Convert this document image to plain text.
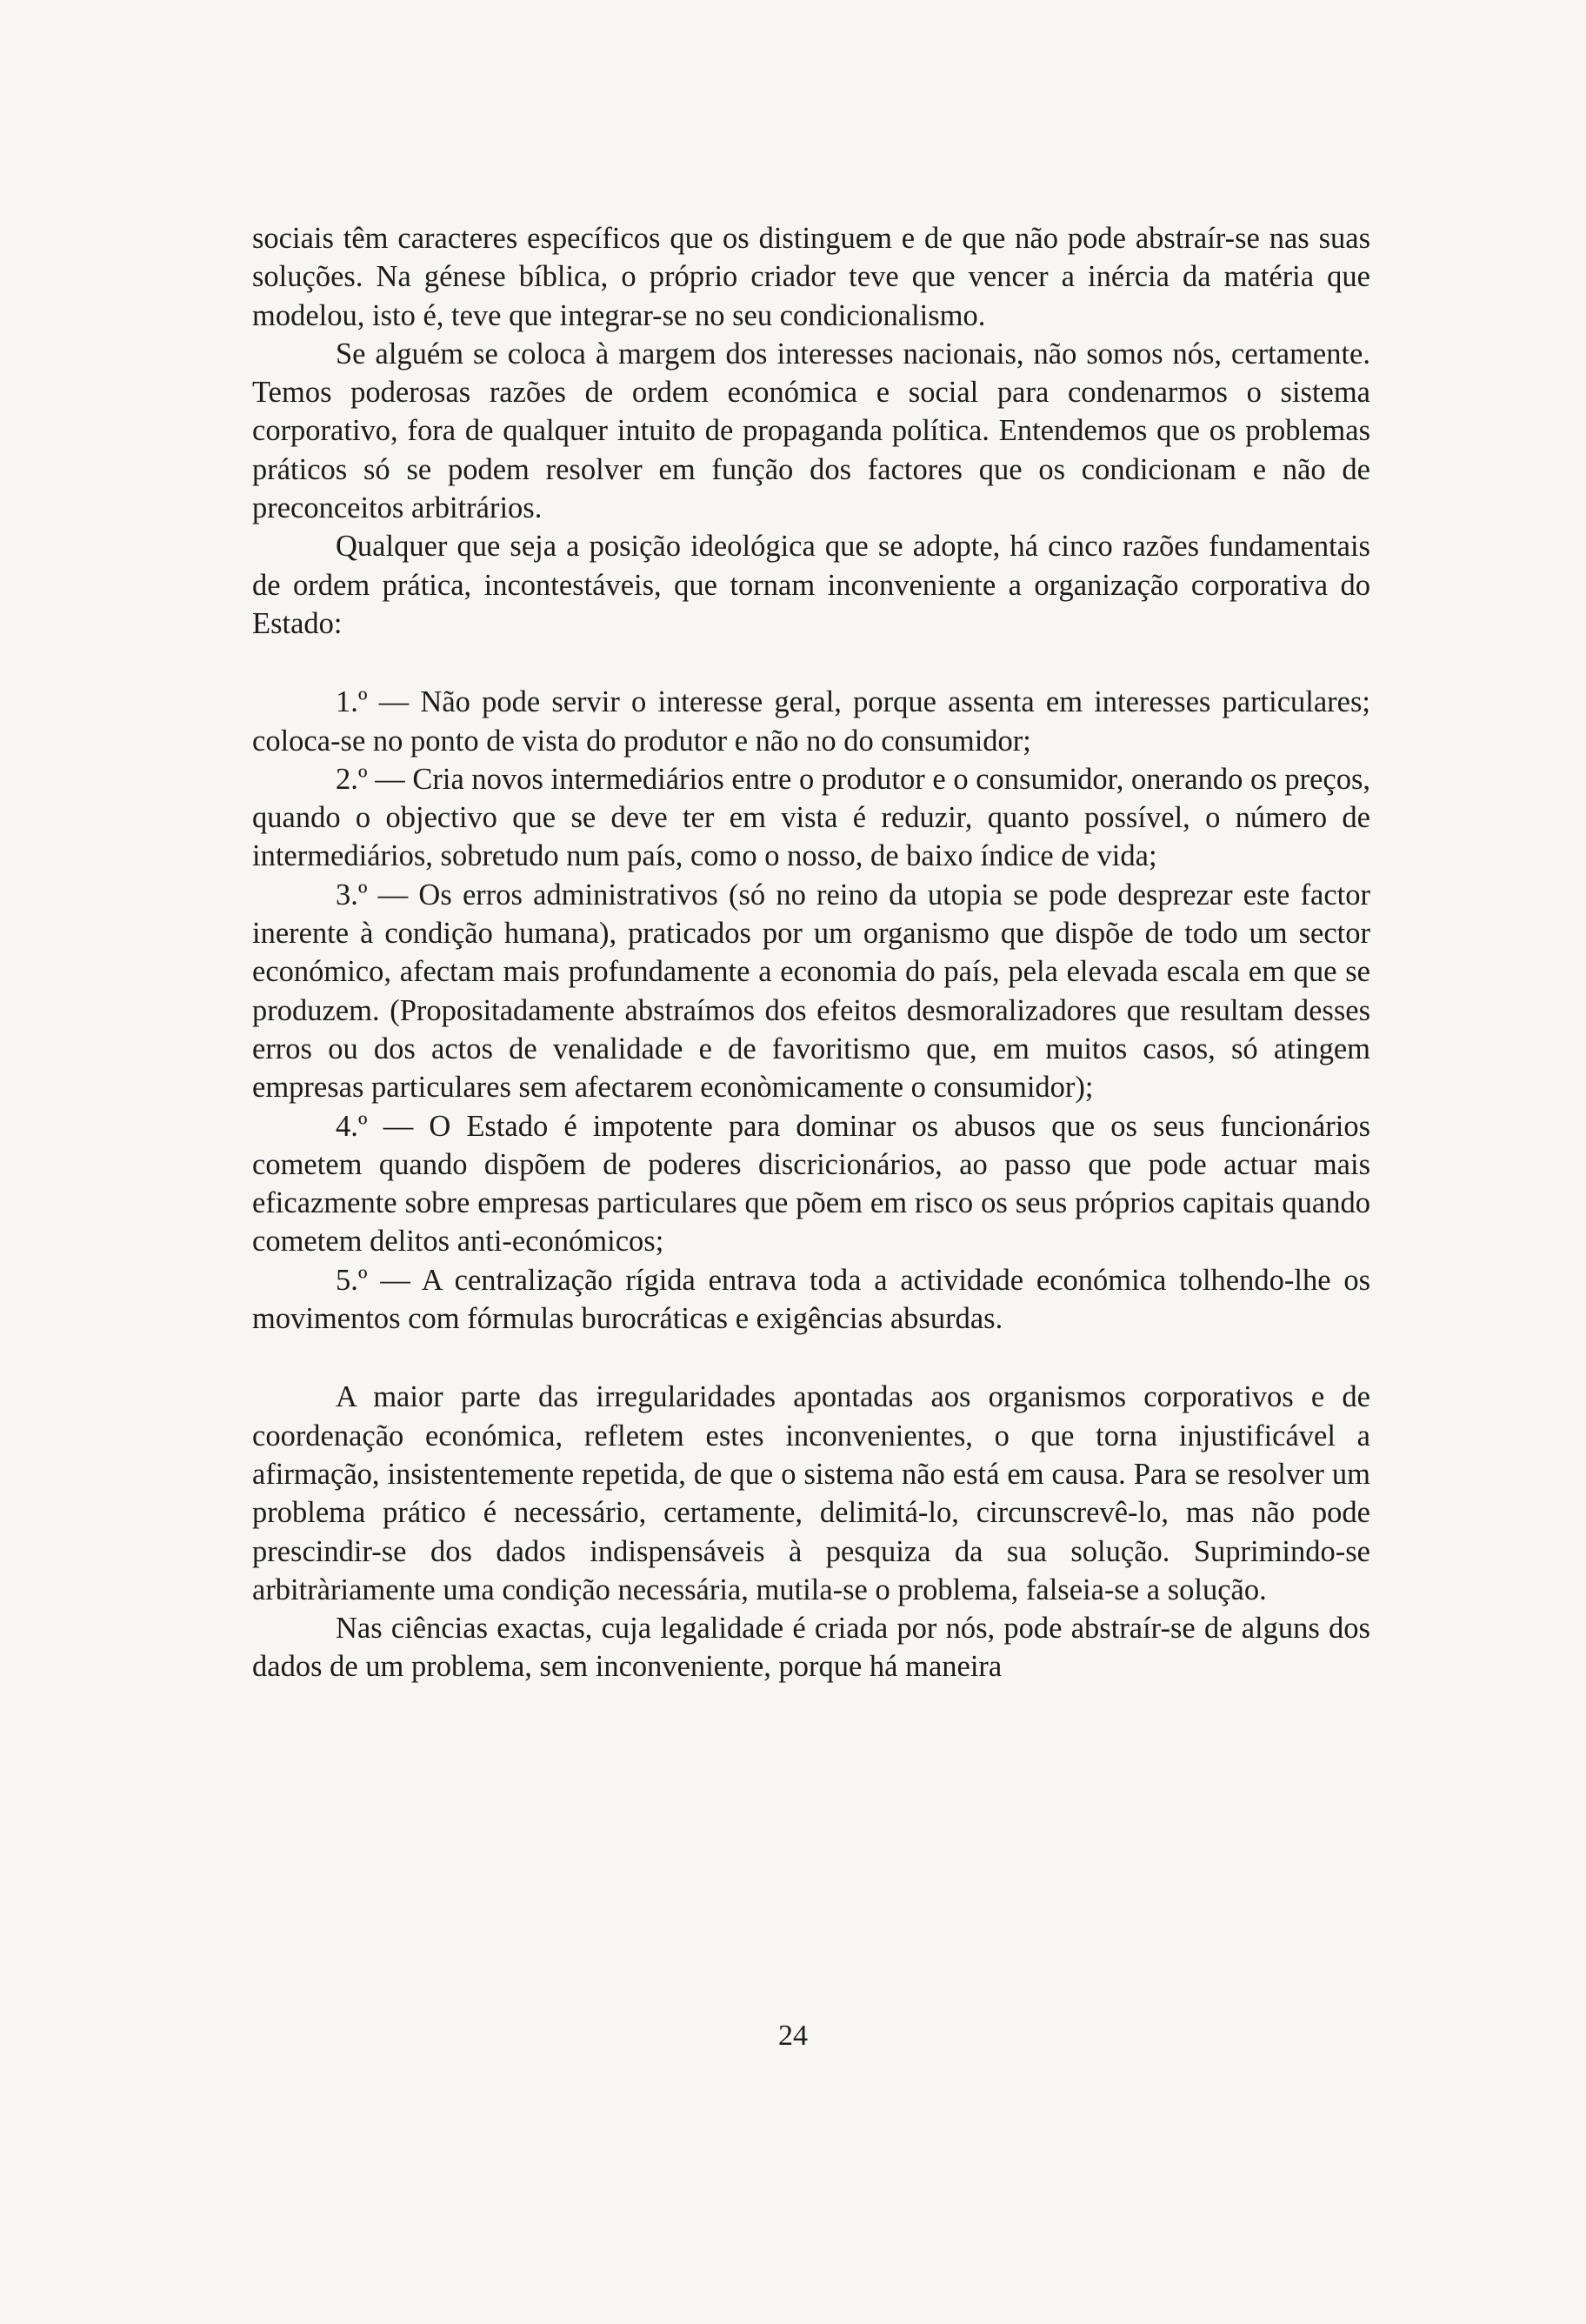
sociais têm caracteres específicos que os distinguem e de que não pode abstraír-se nas suas soluções. Na génese bíblica, o próprio criador teve que vencer a inércia da matéria que modelou, isto é, teve que integrar-se no seu condicionalismo.

Se alguém se coloca à margem dos interesses nacionais, não somos nós, certamente. Temos poderosas razões de ordem económica e social para condenarmos o sistema corporativo, fora de qualquer intuito de propaganda política. Entendemos que os problemas práticos só se podem resolver em função dos factores que os condicionam e não de preconceitos arbitrários.

Qualquer que seja a posição ideológica que se adopte, há cinco razões fundamentais de ordem prática, incontestáveis, que tornam inconveniente a organização corporativa do Estado:

1.º — Não pode servir o interesse geral, porque assenta em interesses particulares; coloca-se no ponto de vista do produtor e não no do consumidor;

2.º — Cria novos intermediários entre o produtor e o consumidor, onerando os preços, quando o objectivo que se deve ter em vista é reduzir, quanto possível, o número de intermediários, sobretudo num país, como o nosso, de baixo índice de vida;

3.º — Os erros administrativos (só no reino da utopia se pode desprezar este factor inerente à condição humana), praticados por um organismo que dispõe de todo um sector económico, afectam mais profundamente a economia do país, pela elevada escala em que se produzem. (Propositadamente abstraímos dos efeitos desmoralizadores que resultam desses erros ou dos actos de venalidade e de favoritismo que, em muitos casos, só atingem empresas particulares sem afectarem econòmicamente o consumidor);

4.º — O Estado é impotente para dominar os abusos que os seus funcionários cometem quando dispõem de poderes discricionários, ao passo que pode actuar mais eficazmente sobre empresas particulares que põem em risco os seus próprios capitais quando cometem delitos anti-económicos;

5.º — A centralização rígida entrava toda a actividade económica tolhendo-lhe os movimentos com fórmulas burocráticas e exigências absurdas.

A maior parte das irregularidades apontadas aos organismos corporativos e de coordenação económica, refletem estes inconvenientes, o que torna injustificável a afirmação, insistentemente repetida, de que o sistema não está em causa. Para se resolver um problema prático é necessário, certamente, delimitá-lo, circunscrevê-lo, mas não pode prescindir-se dos dados indispensáveis à pesquiza da sua solução. Suprimindo-se arbitràriamente uma condição necessária, mutila-se o problema, falseia-se a solução.

Nas ciências exactas, cuja legalidade é criada por nós, pode abstraír-se de alguns dos dados de um problema, sem inconveniente, porque há maneira

24
